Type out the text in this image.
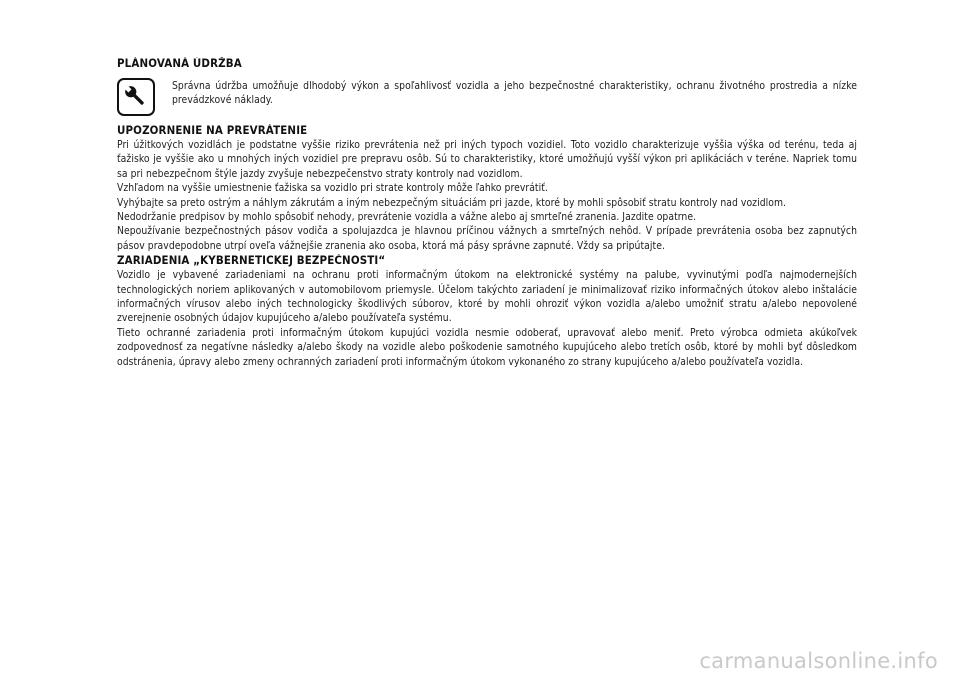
PLÁNOVANÁ ÚDRŽBA

Správna údržba umožňuje dlhodobý výkon a spoľahlivosť vozidla a jeho bezpečnostné charakteristiky, ochranu životného prostredia a nízke prevádzkové náklady.

UPOZORNENIE NA PREVRÁTENIE

Pri úžitkových vozidlách je podstatne vyššie riziko prevrátenia než pri iných typoch vozidiel. Toto vozidlo charakterizuje vyššia výška od terénu, teda aj ťažisko je vyššie ako u mnohých iných vozidiel pre prepravu osôb. Sú to charakteristiky, ktoré umožňujú vyšší výkon pri aplikáciách v teréne. Napriek tomu sa pri nebezpečnom štýle jazdy zvyšuje nebezpečenstvo straty kontroly nad vozidlom.

Vzhľadom na vyššie umiestnenie ťažiska sa vozidlo pri strate kontroly môže ľahko prevrátiť.

Vyhýbajte sa preto ostrým a náhlym zákrutám a iným nebezpečným situáciám pri jazde, ktoré by mohli spôsobiť stratu kontroly nad vozidlom.

Nedodržanie predpisov by mohlo spôsobiť nehody, prevrátenie vozidla a vážne alebo aj smrteľné zranenia. Jazdite opatrne.

Nepoužívanie bezpečnostných pásov vodiča a spolujazdca je hlavnou príčinou vážnych a smrteľných nehôd. V prípade prevrátenia osoba bez zapnutých pásov pravdepodobne utrpí oveľa vážnejšie zranenia ako osoba, ktorá má pásy správne zapnuté. Vždy sa pripútajte.

ZARIADENIA „KYBERNETICKEJ BEZPEČNOSTI“

Vozidlo je vybavené zariadeniami na ochranu proti informačným útokom na elektronické systémy na palube, vyvinutými podľa najmodernejších technologických noriem aplikovaných v automobilovom priemysle. Účelom takýchto zariadení je minimalizovať riziko informačných útokov alebo inštalácie informačných vírusov alebo iných technologicky škodlivých súborov, ktoré by mohli ohroziť výkon vozidla a/alebo umožniť stratu a/alebo nepovolené zverejnenie osobných údajov kupujúceho a/alebo používateľa systému.

Tieto ochranné zariadenia proti informačným útokom kupujúci vozidla nesmie odoberať, upravovať alebo meniť. Preto výrobca odmieta akúkoľvek zodpovednosť za negatívne následky a/alebo škody na vozidle alebo poškodenie samotného kupujúceho alebo tretích osôb, ktoré by mohli byť dôsledkom odstránenia, úpravy alebo zmeny ochranných zariadení proti informačným útokom vykonaného zo strany kupujúceho a/alebo používateľa vozidla.

carmanualsonline.info
